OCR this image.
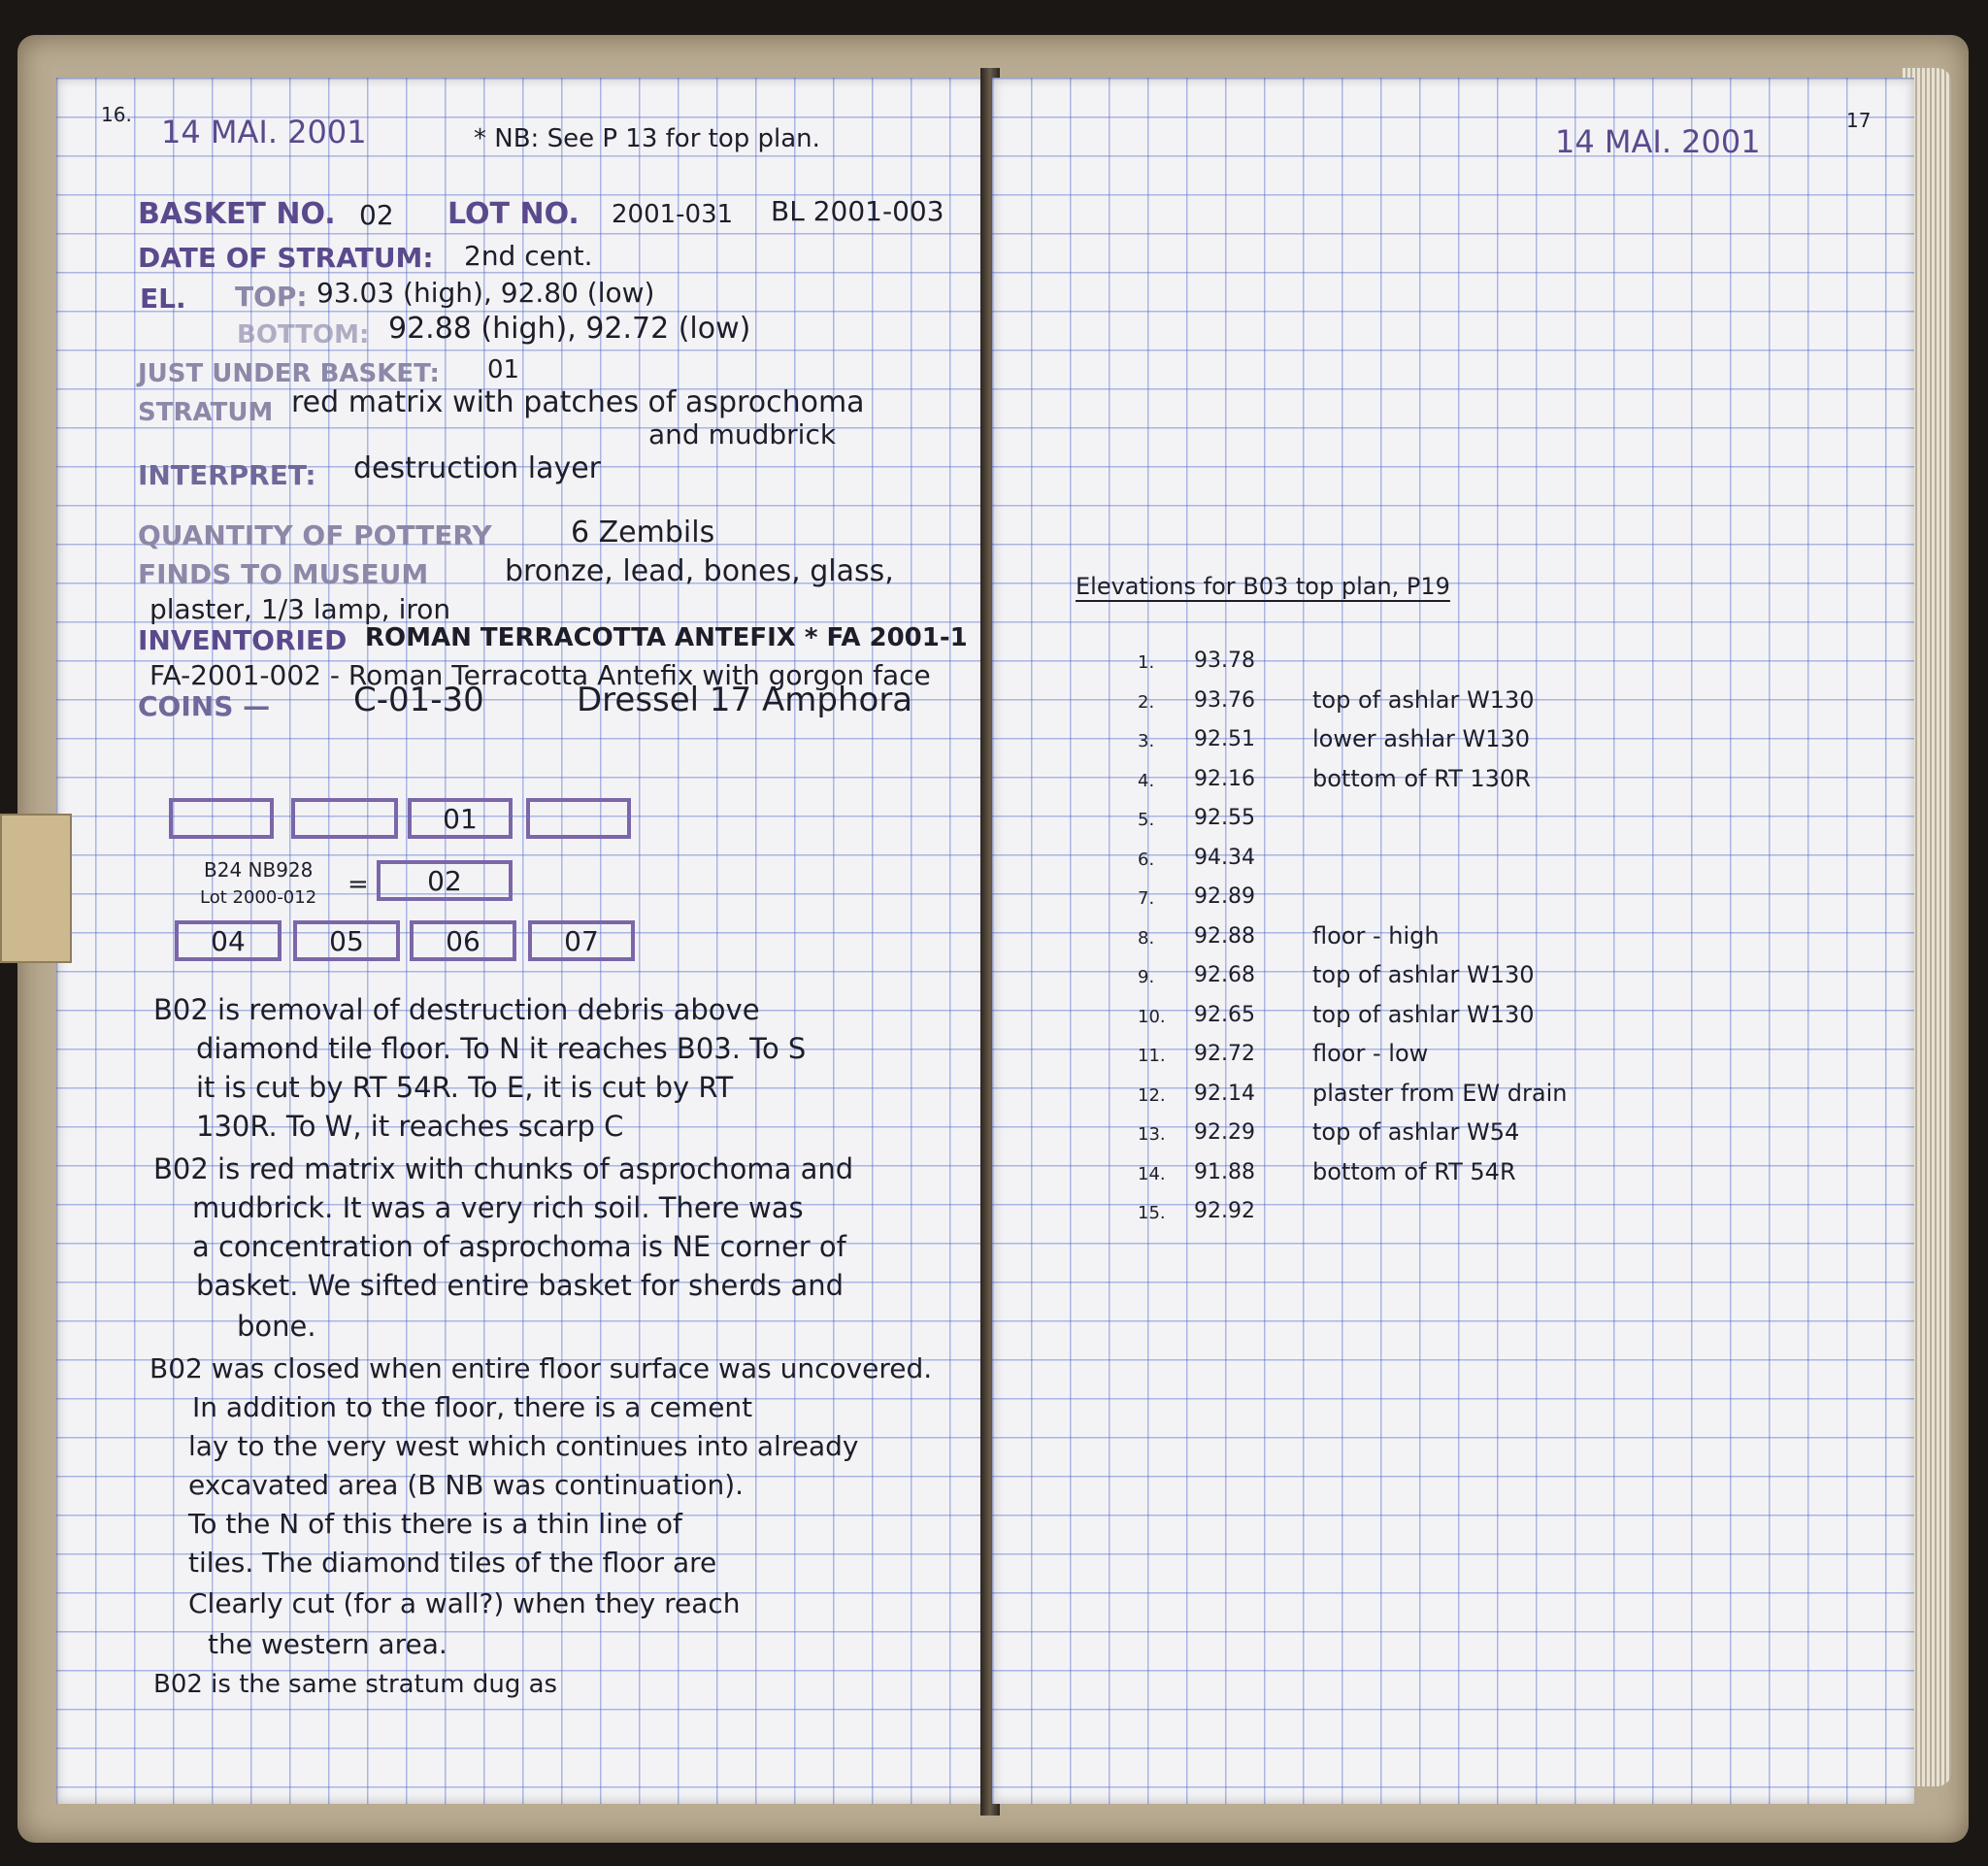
16. 14 MAI. 2001	* NB: See P 13 for top plan.
BASKET NO. 02 LOT NO. 2001-031 BL 2001-003
DATE OF STRATUM: 2nd cent.
EL. TOP: 93.03 (high), 92.80 (low)
BOTTOM: 92.88 (high), 92.72 (low)
JUST UNDER BASKET: 01
STRATUM red matrix with patches of asprochoma
and mudbrick
INTERPRET: destruction layer
QUANTITY OF POTTERY	6 Zembils
FINDS TO MUSEUM	bronze, lead, bones, glass,
plaster, 1/3 lamp, iron
INVENTORIED ROMAN TERRACOTTA ANTEFIX * FA 2001-1
FA-2001-002 - Roman Terracotta Antefix with gorgon face
COINS —	C-01-30	Dressel 17 Amphora
01
B24 NB928
Lot 2000-012 =	02
04	05	06	07
B02 is removal of destruction debris above
diamond tile floor. To N it reaches B03. To S
it is cut by RT 54R. To E, it is cut by RT
130R. To W, it reaches scarp C
B02 is red matrix with chunks of asprochoma and
mudbrick. It was a very rich soil. There was
a concentration of asprochoma is NE corner of
basket. We sifted entire basket for sherds and
bone.
B02 was closed when entire floor surface was uncovered.
In addition to the floor, there is a cement
lay to the very west which continues into already
excavated area (B NB was continuation).
To the N of this there is a thin line of
tiles. The diamond tiles of the floor are
Clearly cut (for a wall?) when they reach
the western area.
B02 is the same stratum dug as
14 MAI. 2001
17
Elevations for B03 top plan, P19
1. 93.78
2. 93.76 top of ashlar W130
3. 92.51 lower ashlar W130
4. 92.16 bottom of RT 130R
5. 92.55
6. 94.34
7. 92.89
8. 92.88 floor - high
9. 92.68 top of ashlar W130
10. 92.65 top of ashlar W130
11. 92.72 floor - low
12. 92.14 plaster from EW drain
13. 92.29 top of ashlar W54
14. 91.88 bottom of RT 54R
15. 92.92
